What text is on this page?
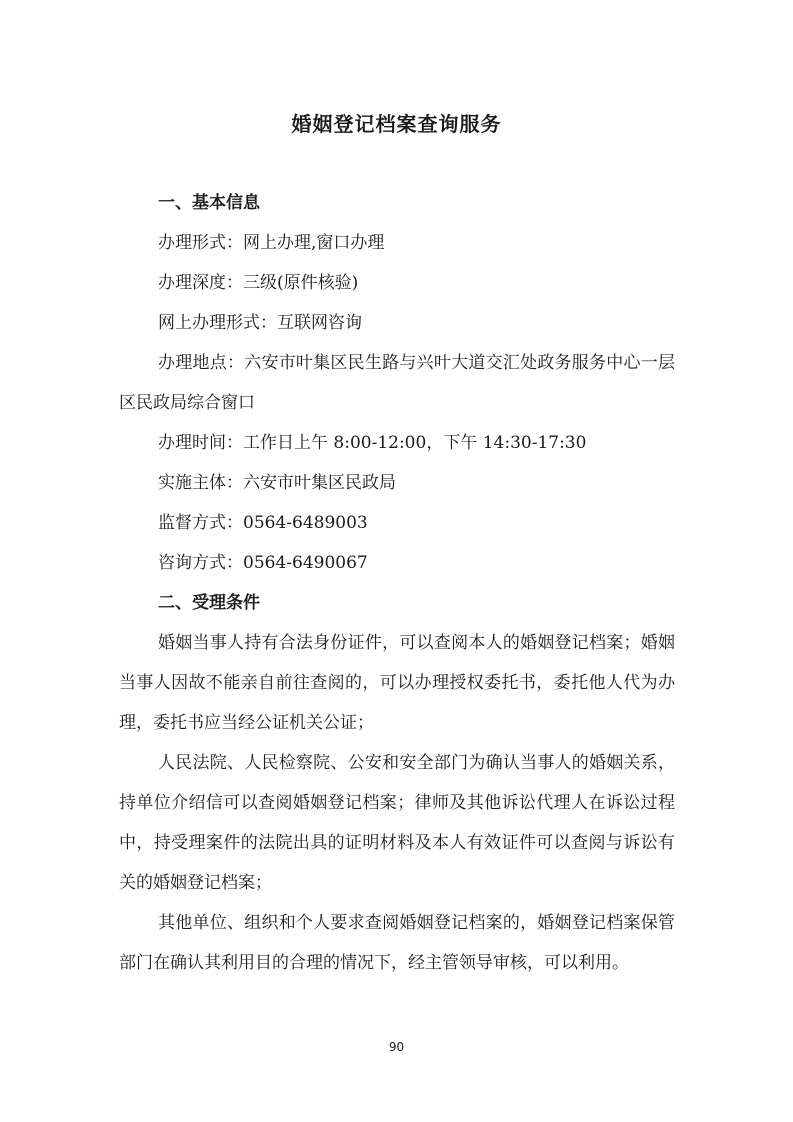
婚姻登记档案查询服务

一、基本信息

办理形式：网上办理,窗口办理

办理深度：三级(原件核验)

网上办理形式：互联网咨询

办理地点：六安市叶集区民生路与兴叶大道交汇处政务服务中心一层区民政局综合窗口

办理时间：工作日上午 8:00-12:00，下午 14:30-17:30

实施主体：六安市叶集区民政局

监督方式：0564-6489003

咨询方式：0564-6490067

二、受理条件

婚姻当事人持有合法身份证件，可以查阅本人的婚姻登记档案；婚姻当事人因故不能亲自前往查阅的，可以办理授权委托书，委托他人代为办理，委托书应当经公证机关公证；

人民法院、人民检察院、公安和安全部门为确认当事人的婚姻关系，持单位介绍信可以查阅婚姻登记档案；律师及其他诉讼代理人在诉讼过程中，持受理案件的法院出具的证明材料及本人有效证件可以查阅与诉讼有关的婚姻登记档案；

其他单位、组织和个人要求查阅婚姻登记档案的，婚姻登记档案保管部门在确认其利用目的合理的情况下，经主管领导审核，可以利用。

90
